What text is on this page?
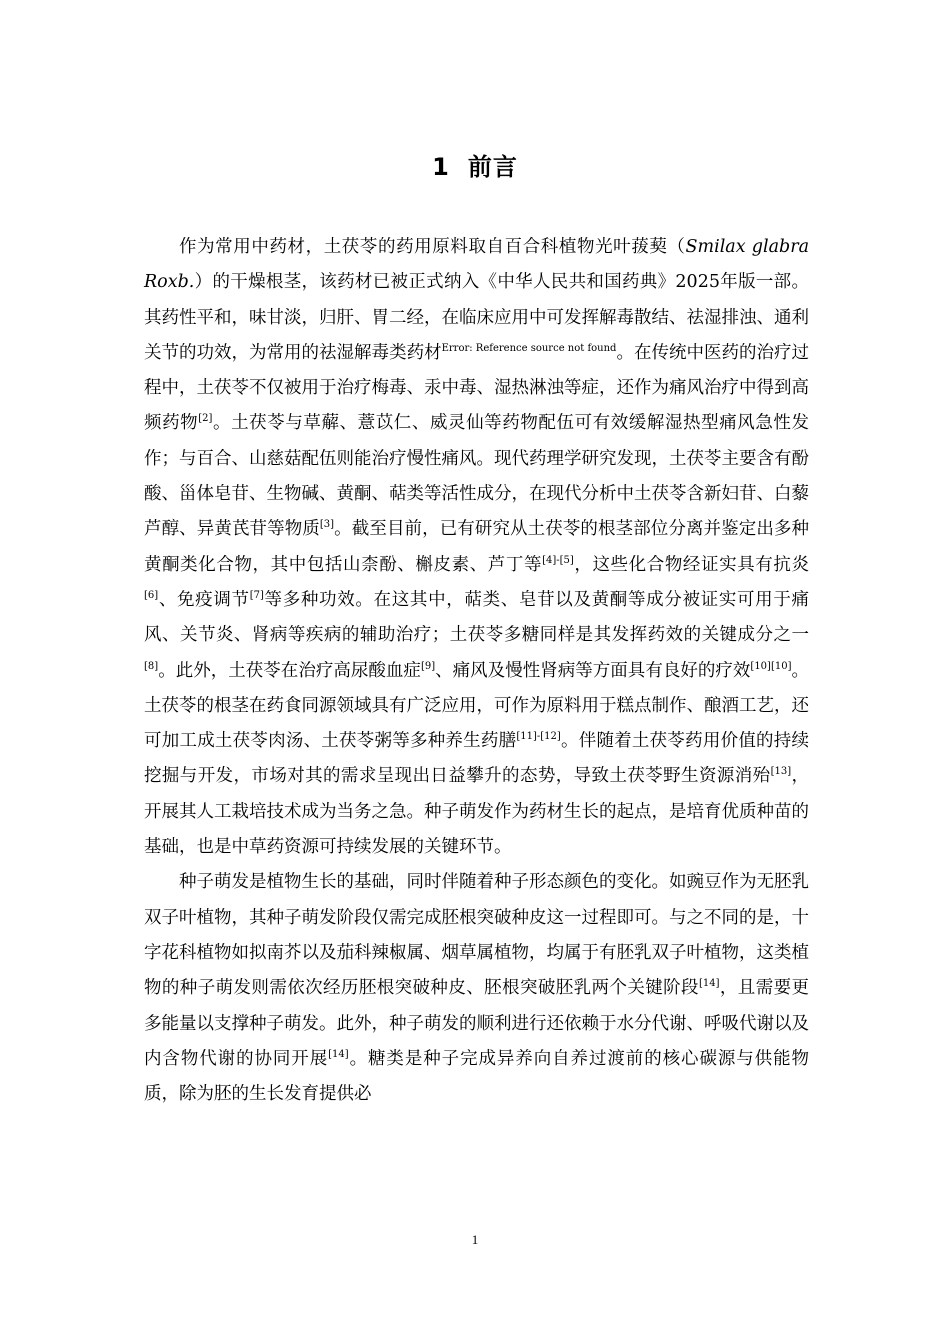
1 前言

作为常用中药材，土茯苓的药用原料取自百合科植物光叶菝葜（Smilax glabra Roxb.）的干燥根茎，该药材已被正式纳入《中华人民共和国药典》2025年版一部。其药性平和，味甘淡，归肝、胃二经，在临床应用中可发挥解毒散结、祛湿排浊、通利关节的功效，为常用的祛湿解毒类药材$^{Error: Reference source not found}$。在传统中医药的治疗过程中，土茯苓不仅被用于治疗梅毒、汞中毒、湿热淋浊等症，还作为痛风治疗中得到高频药物[2]。土茯苓与草薢、薏苡仁、威灵仙等药物配伍可有效缓解湿热型痛风急性发作；与百合、山慈菇配伍则能治疗慢性痛风。现代药理学研究发现，土茯苓主要含有酚酸、甾体皂苷、生物碱、黄酮、萜类等活性成分，在现代分析中土茯苓含新妇苷、白藜芦醇、异黄芪苷等物质[3]。截至目前，已有研究从土茯苓的根茎部位分离并鉴定出多种黄酮类化合物，其中包括山柰酚、槲皮素、芦丁等[4]-[5]，这些化合物经证实具有抗炎[6]、免疫调节[7]等多种功效。在这其中，萜类、皂苷以及黄酮等成分被证实可用于痛风、关节炎、肾病等疾病的辅助治疗；土茯苓多糖同样是其发挥药效的关键成分之一[8]。此外，土茯苓在治疗高尿酸血症[9]、痛风及慢性肾病等方面具有良好的疗效[10][10]。土茯苓的根茎在药食同源领域具有广泛应用，可作为原料用于糕点制作、酿酒工艺，还可加工成土茯苓肉汤、土茯苓粥等多种养生药膳[11]-[12]。伴随着土茯苓药用价值的持续挖掘与开发，市场对其的需求呈现出日益攀升的态势，导致土茯苓野生资源消殆[13]，开展其人工栽培技术成为当务之急。种子萌发作为药材生长的起点，是培育优质种苗的基础，也是中草药资源可持续发展的关键环节。

种子萌发是植物生长的基础，同时伴随着种子形态颜色的变化。如豌豆作为无胚乳双子叶植物，其种子萌发阶段仅需完成胚根突破种皮这一过程即可。与之不同的是，十字花科植物如拟南芥以及茄科辣椒属、烟草属植物，均属于有胚乳双子叶植物，这类植物的种子萌发则需依次经历胚根突破种皮、胚根突破胚乳两个关键阶段[14]，且需要更多能量以支撑种子萌发。此外，种子萌发的顺利进行还依赖于水分代谢、呼吸代谢以及内含物代谢的协同开展[14]。糖类是种子完成异养向自养过渡前的核心碳源与供能物质，除为胚的生长发育提供必

1
